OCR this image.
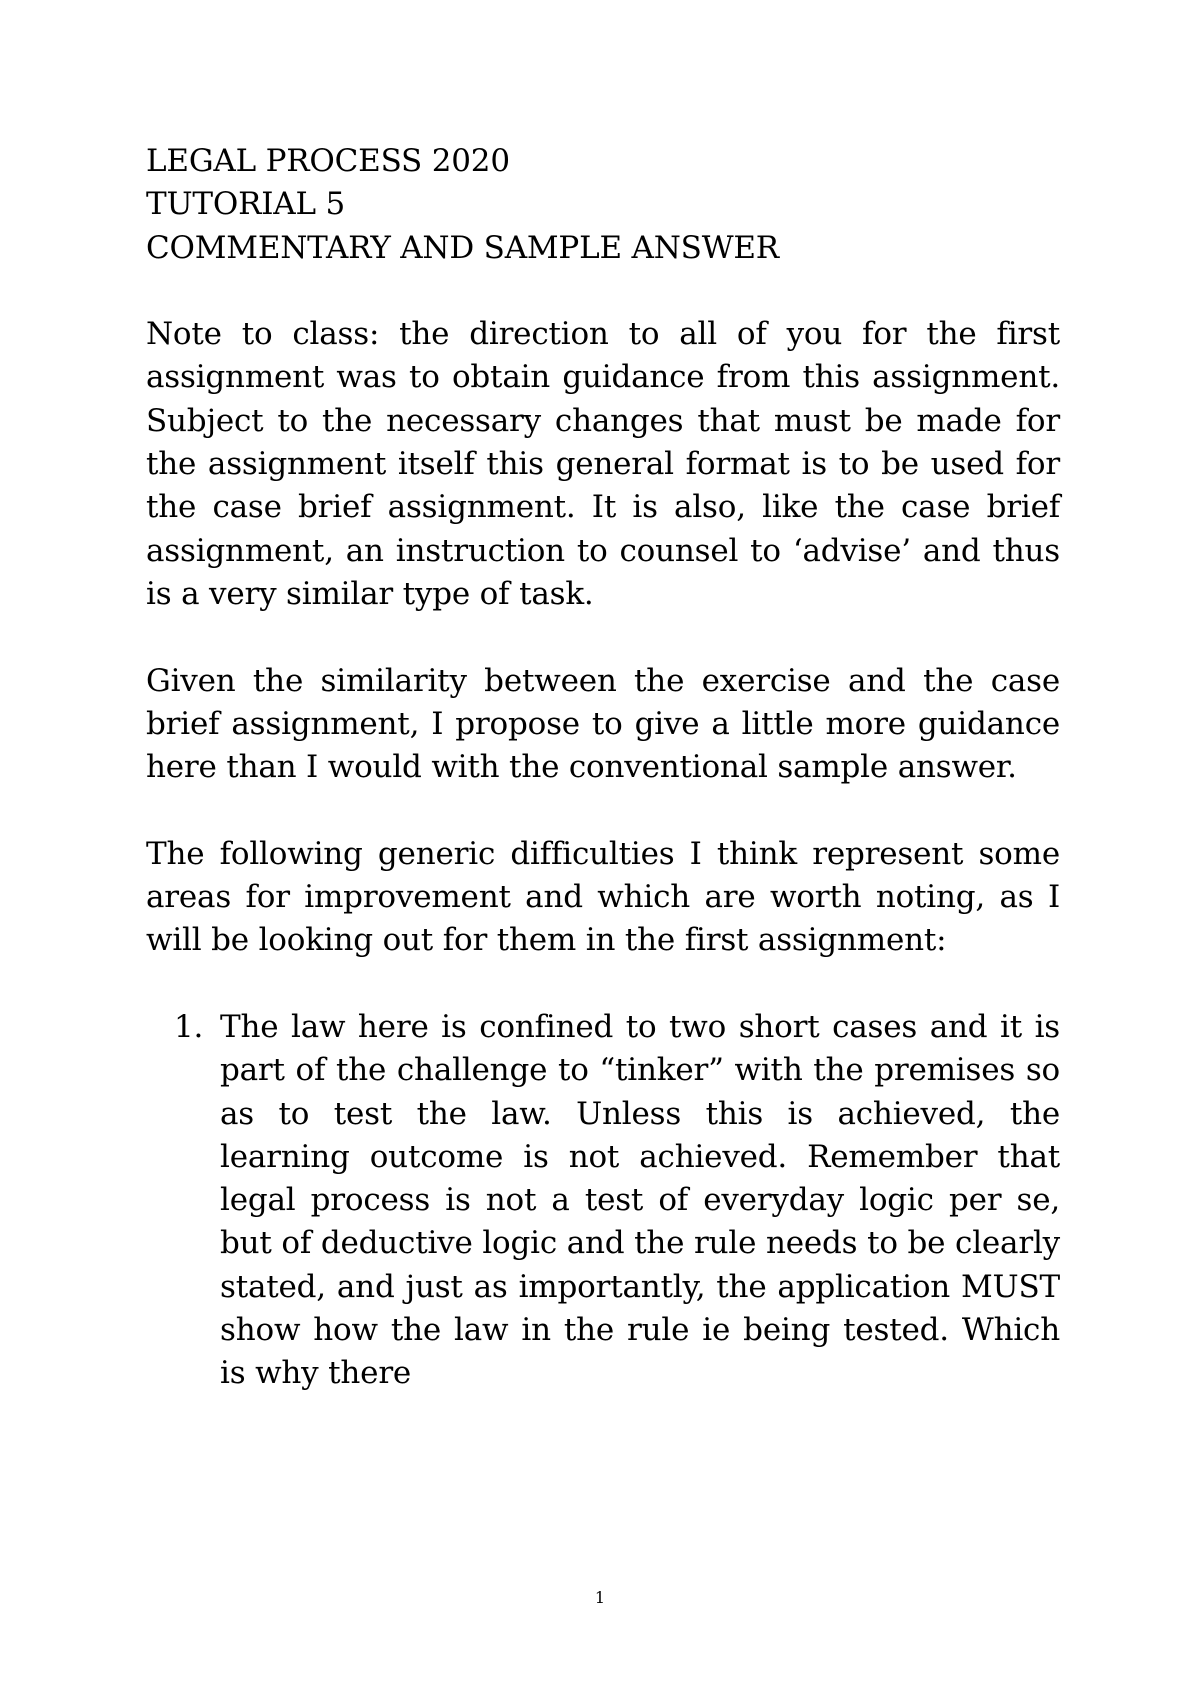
LEGAL PROCESS 2020
TUTORIAL 5
COMMENTARY AND SAMPLE ANSWER

Note to class: the direction to all of you for the first assignment was to obtain guidance from this assignment. Subject to the necessary changes that must be made for the assignment itself this general format is to be used for the case brief assignment. It is also, like the case brief assignment, an instruction to counsel to ‘advise’ and thus is a very similar type of task.

Given the similarity between the exercise and the case brief assignment, I propose to give a little more guidance here than I would with the conventional sample answer.

The following generic difficulties I think represent some areas for improvement and which are worth noting, as I will be looking out for them in the first assignment:

1. The law here is confined to two short cases and it is part of the challenge to “tinker” with the premises so as to test the law. Unless this is achieved, the learning outcome is not achieved. Remember that legal process is not a test of everyday logic per se, but of deductive logic and the rule needs to be clearly stated, and just as importantly, the application MUST show how the law in the rule ie being tested. Which is why there
1
